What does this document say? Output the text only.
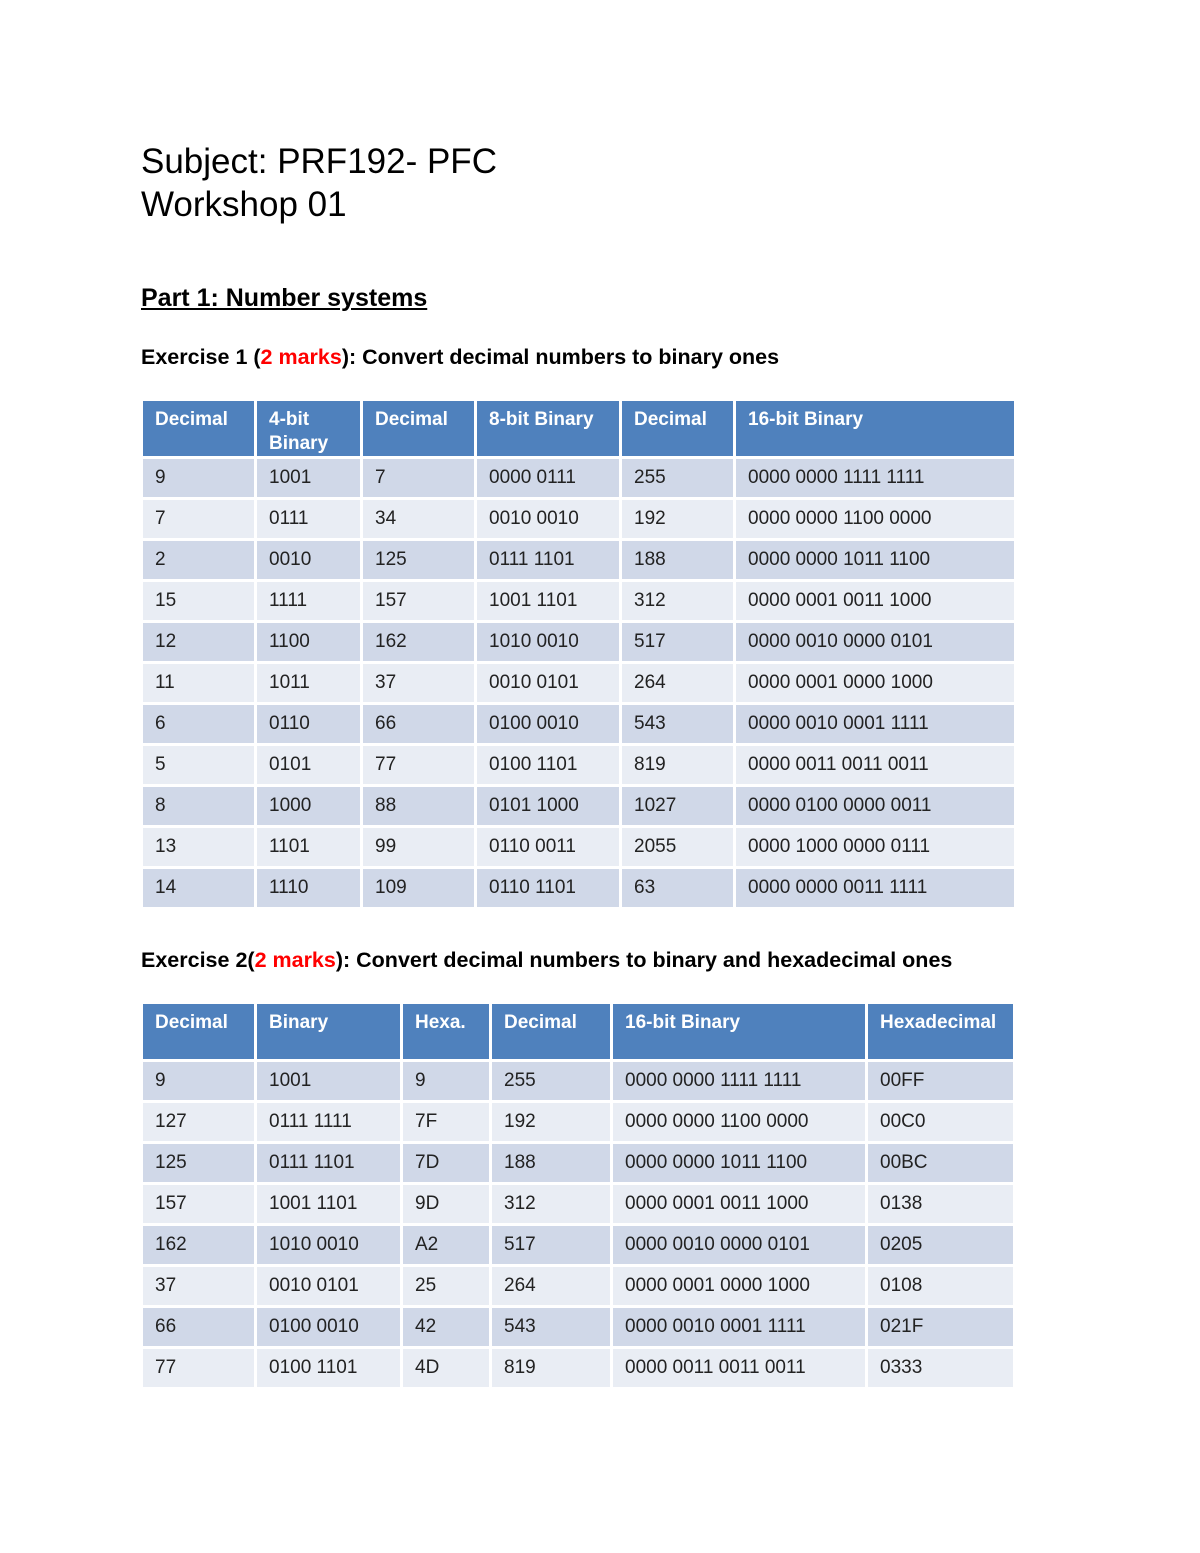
Subject: PRF192- PFC
Workshop 01
Part 1: Number systems
Exercise 1 (2 marks): Convert decimal numbers to binary ones
Decimal	4-bit Binary	Decimal	8-bit Binary	Decimal	16-bit Binary
9	1001	7	0000 0111	255	0000 0000 1111 1111
7	0111	34	0010 0010	192	0000 0000 1100 0000
2	0010	125	0111 1101	188	0000 0000 1011 1100
15	1111	157	1001 1101	312	0000 0001 0011 1000
12	1100	162	1010 0010	517	0000 0010 0000 0101
11	1011	37	0010 0101	264	0000 0001 0000 1000
6	0110	66	0100 0010	543	0000 0010 0001 1111
5	0101	77	0100 1101	819	0000 0011 0011 0011
8	1000	88	0101 1000	1027	0000 0100 0000 0011
13	1101	99	0110 0011	2055	0000 1000 0000 0111
14	1110	109	0110 1101	63	0000 0000 0011 1111
Exercise 2(2 marks): Convert decimal numbers to binary and hexadecimal ones
Decimal	Binary	Hexa.	Decimal	16-bit Binary	Hexadecimal
9	1001	9	255	0000 0000 1111 1111	00FF
127	0111 1111	7F	192	0000 0000 1100 0000	00C0
125	0111 1101	7D	188	0000 0000 1011 1100	00BC
157	1001 1101	9D	312	0000 0001 0011 1000	0138
162	1010 0010	A2	517	0000 0010 0000 0101	0205
37	0010 0101	25	264	0000 0001 0000 1000	0108
66	0100 0010	42	543	0000 0010 0001 1111	021F
77	0100 1101	4D	819	0000 0011 0011 0011	0333
